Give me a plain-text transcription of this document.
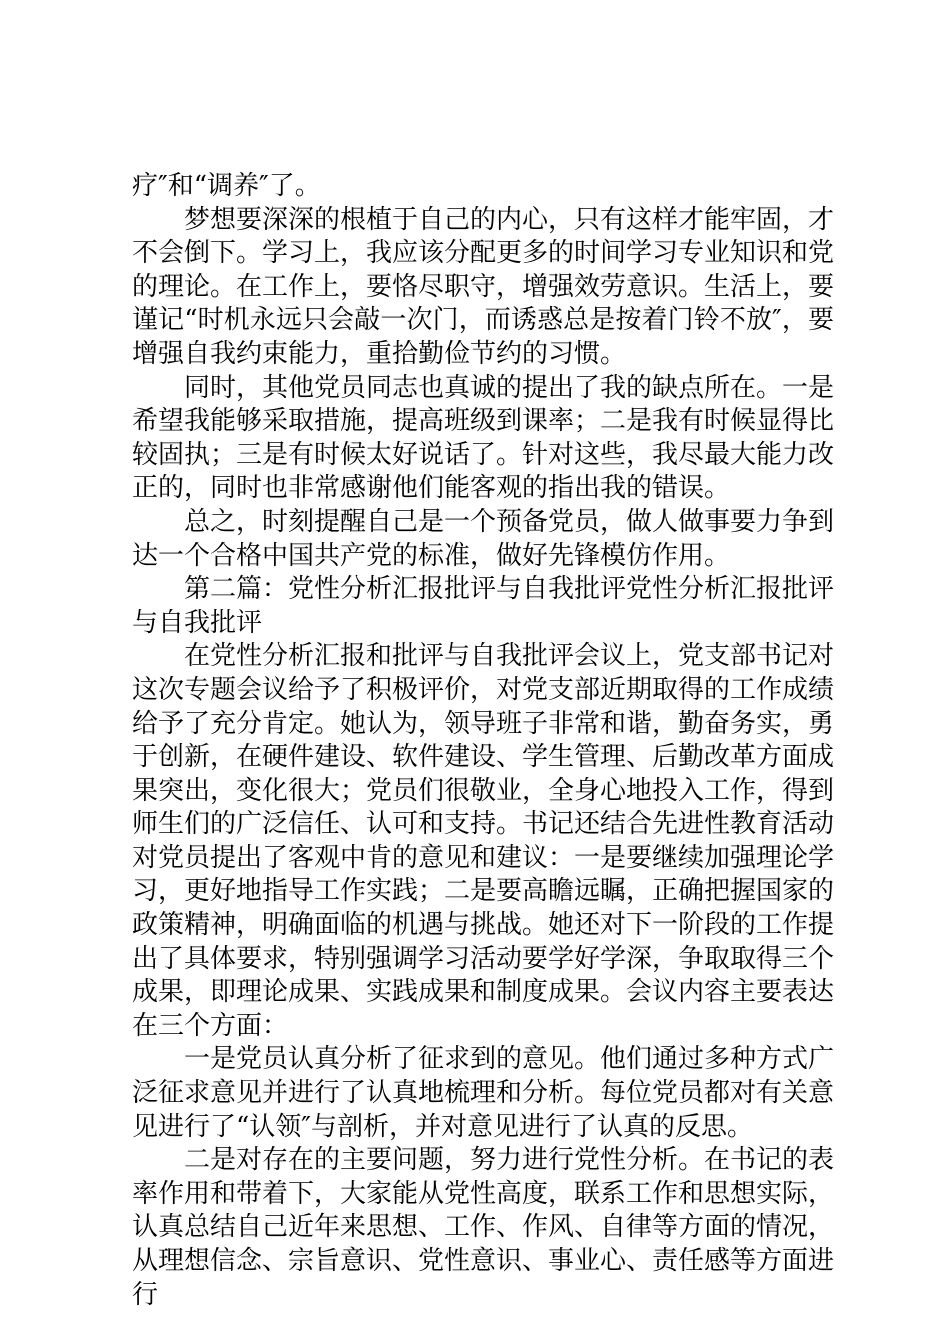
疗″和“调养″了。

梦想要深深的根植于自己的内心，只有这样才能牢固，才不会倒下。学习上，我应该分配更多的时间学习专业知识和党的理论。在工作上，要恪尽职守，增强效劳意识。生活上，要谨记“时机永远只会敲一次门，而诱惑总是按着门铃不放″，要增强自我约束能力，重拾勤俭节约的习惯。

同时，其他党员同志也真诚的提出了我的缺点所在。一是希望我能够采取措施，提高班级到课率；二是我有时候显得比较固执；三是有时候太好说话了。针对这些，我尽最大能力改正的，同时也非常感谢他们能客观的指出我的错误。

总之，时刻提醒自己是一个预备党员，做人做事要力争到达一个合格中国共产党的标准，做好先锋模仿作用。

第二篇：党性分析汇报批评与自我批评党性分析汇报批评与自我批评

在党性分析汇报和批评与自我批评会议上，党支部书记对这次专题会议给予了积极评价，对党支部近期取得的工作成绩给予了充分肯定。她认为，领导班子非常和谐，勤奋务实，勇于创新，在硬件建设、软件建设、学生管理、后勤改革方面成果突出，变化很大；党员们很敬业，全身心地投入工作，得到师生们的广泛信任、认可和支持。书记还结合先进性教育活动对党员提出了客观中肯的意见和建议：一是要继续加强理论学习，更好地指导工作实践；二是要高瞻远瞩，正确把握国家的政策精神，明确面临的机遇与挑战。她还对下一阶段的工作提出了具体要求，特别强调学习活动要学好学深，争取取得三个成果，即理论成果、实践成果和制度成果。会议内容主要表达在三个方面：

一是党员认真分析了征求到的意见。他们通过多种方式广泛征求意见并进行了认真地梳理和分析。每位党员都对有关意见进行了“认领″与剖析，并对意见进行了认真的反思。

二是对存在的主要问题，努力进行党性分析。在书记的表率作用和带着下，大家能从党性高度，联系工作和思想实际，认真总结自己近年来思想、工作、作风、自律等方面的情况，从理想信念、宗旨意识、党性意识、事业心、责任感等方面进行
